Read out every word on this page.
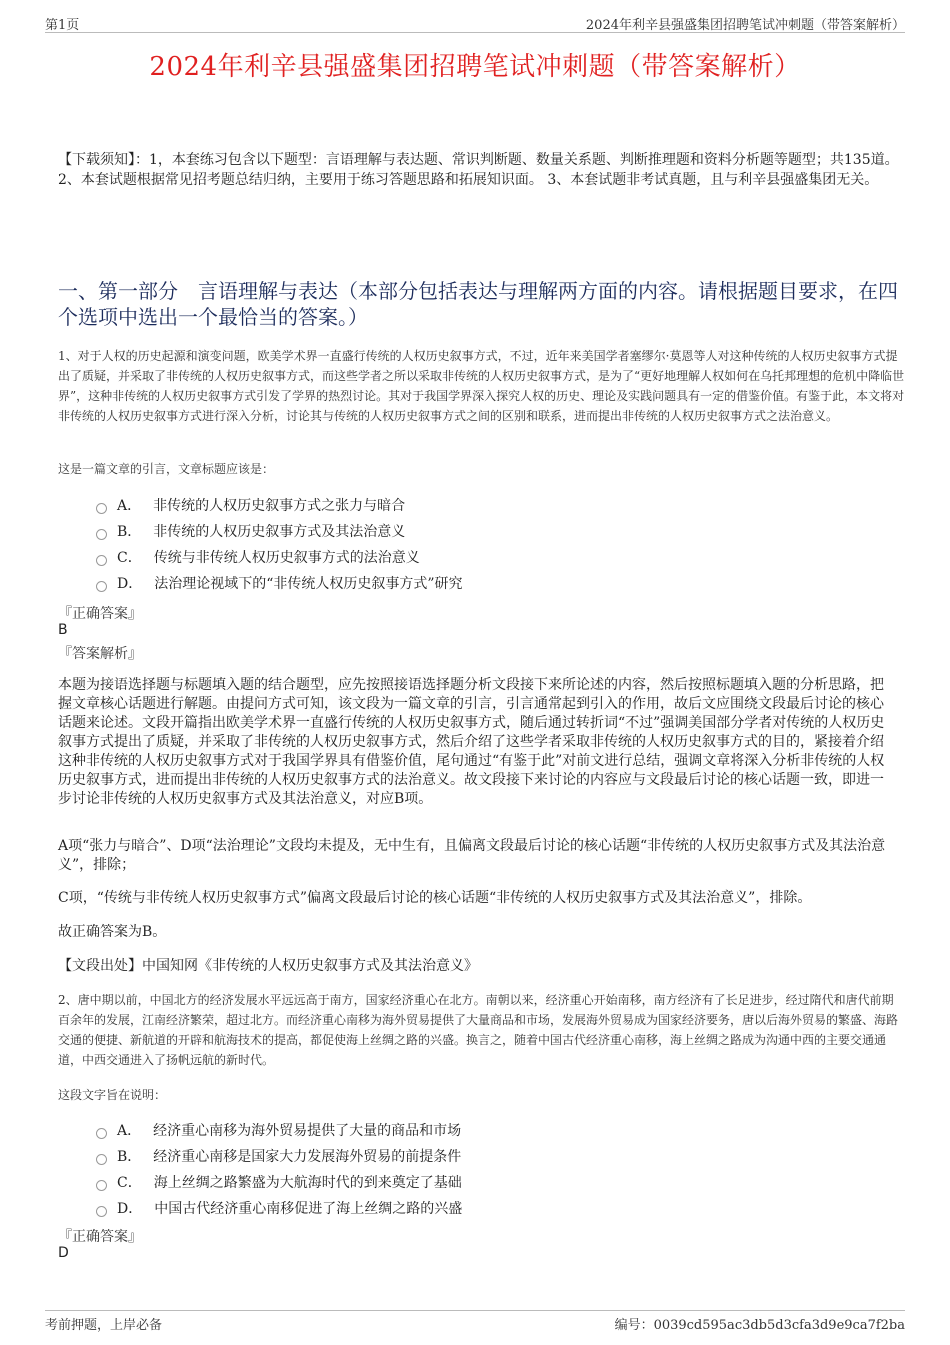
第1页	2024年利辛县强盛集团招聘笔试冲刺题（带答案解析）
2024年利辛县强盛集团招聘笔试冲刺题（带答案解析）
【下载须知】：1，本套练习包含以下题型：言语理解与表达题、常识判断题、数量关系题、判断推理题和资料分析题等题型；共135道。 2、本套试题根据常见招考题总结归纳，主要用于练习答题思路和拓展知识面。 3、本套试题非考试真题，且与利辛县强盛集团无关。
一、第一部分　言语理解与表达（本部分包括表达与理解两方面的内容。请根据题目要求，在四个选项中选出一个最恰当的答案。）
1、对于人权的历史起源和演变问题，欧美学术界一直盛行传统的人权历史叙事方式，不过，近年来美国学者塞缪尔·莫恩等人对这种传统的人权历史叙事方式提出了质疑，并采取了非传统的人权历史叙事方式，而这些学者之所以采取非传统的人权历史叙事方式，是为了“更好地理解人权如何在乌托邦理想的危机中降临世界”，这种非传统的人权历史叙事方式引发了学界的热烈讨论。其对于我国学界深入探究人权的历史、理论及实践问题具有一定的借鉴价值。有鉴于此，本文将对非传统的人权历史叙事方式进行深入分析，讨论其与传统的人权历史叙事方式之间的区别和联系，进而提出非传统的人权历史叙事方式之法治意义。
这是一篇文章的引言，文章标题应该是：
A． 非传统的人权历史叙事方式之张力与暗合
B． 非传统的人权历史叙事方式及其法治意义
C． 传统与非传统人权历史叙事方式的法治意义
D． 法治理论视域下的“非传统人权历史叙事方式”研究
『正确答案』
B
『答案解析』
本题为接语选择题与标题填入题的结合题型，应先按照接语选择题分析文段接下来所论述的内容，然后按照标题填入题的分析思路，把握文章核心话题进行解题。由提问方式可知，该文段为一篇文章的引言，引言通常起到引入的作用，故后文应围绕文段最后讨论的核心话题来论述。文段开篇指出欧美学术界一直盛行传统的人权历史叙事方式，随后通过转折词“不过”强调美国部分学者对传统的人权历史叙事方式提出了质疑，并采取了非传统的人权历史叙事方式，然后介绍了这些学者采取非传统的人权历史叙事方式的目的，紧接着介绍这种非传统的人权历史叙事方式对于我国学界具有借鉴价值，尾句通过“有鉴于此”对前文进行总结，强调文章将深入分析非传统的人权历史叙事方式，进而提出非传统的人权历史叙事方式的法治意义。故文段接下来讨论的内容应与文段最后讨论的核心话题一致，即进一步讨论非传统的人权历史叙事方式及其法治意义，对应B项。
A项“张力与暗合”、D项“法治理论”文段均未提及，无中生有，且偏离文段最后讨论的核心话题“非传统的人权历史叙事方式及其法治意义”，排除；
C项，“传统与非传统人权历史叙事方式”偏离文段最后讨论的核心话题“非传统的人权历史叙事方式及其法治意义”，排除。
故正确答案为B。
【文段出处】中国知网《非传统的人权历史叙事方式及其法治意义》
2、唐中期以前，中国北方的经济发展水平远远高于南方，国家经济重心在北方。南朝以来，经济重心开始南移，南方经济有了长足进步，经过隋代和唐代前期百余年的发展，江南经济繁荣，超过北方。而经济重心南移为海外贸易提供了大量商品和市场，发展海外贸易成为国家经济要务，唐以后海外贸易的繁盛、海路交通的便捷、新航道的开辟和航海技术的提高，都促使海上丝绸之路的兴盛。换言之，随着中国古代经济重心南移，海上丝绸之路成为沟通中西的主要交通通道，中西交通进入了扬帆远航的新时代。
这段文字旨在说明：
A． 经济重心南移为海外贸易提供了大量的商品和市场
B． 经济重心南移是国家大力发展海外贸易的前提条件
C． 海上丝绸之路繁盛为大航海时代的到来奠定了基础
D． 中国古代经济重心南移促进了海上丝绸之路的兴盛
『正确答案』
D
考前押题，上岸必备	编号：0039cd595ac3db5d3cfa3d9e9ca7f2ba
